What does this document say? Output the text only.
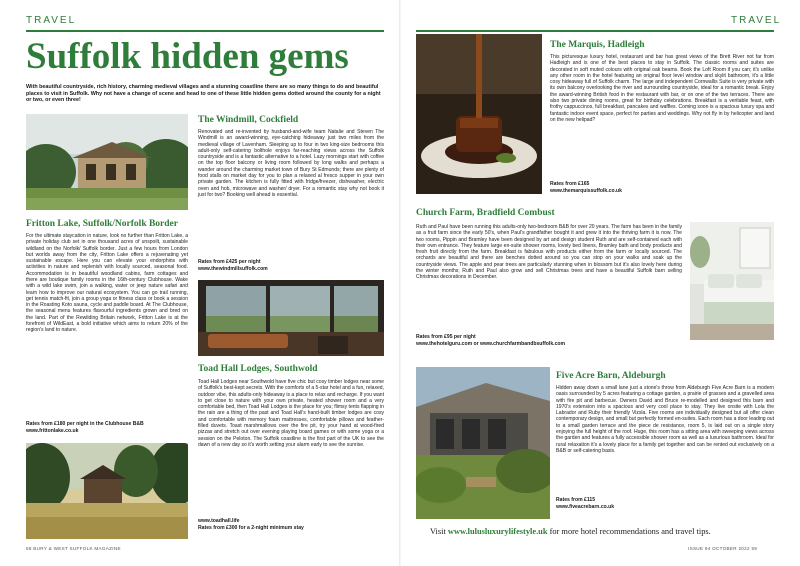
TRAVEL
Suffolk hidden gems
With beautiful countryside, rich history, charming medieval villages and a stunning coastline there are so many things to do and beautiful places to visit in Suffolk. Why not have a change of scene and head to one of these little hidden gems dotted around the county for a night or two, or even three!
The Windmill, Cockfield
Renovated and re-invented by husband-and-wife team Natalie and Steven The Windmill is an award-winning, eye-catching hideaway just two miles from the medieval village of Lavenham. Sleeping up to four in two king-size bedrooms this adult-only self-catering bolthole enjoys far-reaching views across the Suffolk countryside and is a fantastic alternative to a hotel. Lazy mornings start with coffee on the top floor balcony or living room followed by long walks and perhaps a wander around the charming market town of Bury St Edmunds; there are plenty of food stalls on market day for you to plan a relaxed al fresco supper in your own private garden. The kitchen is fully fitted with fridge/freezer, dishwasher, electric oven and hob, microwave and washer/ dryer. For a romantic stay why not book it just for two? Booking well ahead is essential.
Rates from £425 per night
www.thewindmillsuffolk.com
Fritton Lake, Suffolk/Norfolk Border
For the ultimate staycation in nature, look no further than Fritton Lake, a private holiday club set in one thousand acres of unspoilt, sustainable wildland on the Norfolk/ Suffolk border. Just a few hours from London but worlds away from the city, Fritton Lake offers a rejuvenating yet sustainable escape. Here you can elevate your endorphins with activities in nature and replenish with locally sourced, seasonal food. Accommodation is in beautiful woodland cabins, farm cottages and there are boutique family rooms in the 16th-century Clubhouse. Wake with a wild lake swim, join a walking, water or jeep nature safari and learn how to improve our natural ecosystem. You can go trail running, get tennis match-fit, join a group yoga or fitness class or book a session in the Roasting Koto sauna, cycle and paddle board. At The Clubhouse, the seasonal menu features flavourful ingredients grown and bred on the land. Part of the Rewilding Britain network, Fritton Lake is at the forefront of WildEast, a bold initiative which aims to return 20% of the region's land to nature.
Rates from £180 per night in the Clubhouse B&B
www.frittonlake.co.uk
Toad Hall Lodges, Southwold
Toad Hall Lodges near Southwold have five chic but cosy timber lodges near some of Suffolk's best-kept secrets. With the comforts of a 5-star hotel and a fun, relaxed, outdoor vibe, this adults-only hideaway is a place to relax and recharge. If you want to get close to nature with your own private, heated shower room and a very comfortable bed, then Toad Hall Lodges is the place for you; flimsy tents flapping in the rain are a thing of the past and Toad Hall's hand-built timber lodges are cosy and comfortable with memory foam mattresses, comfortable pillows and feather-filled duvets. Toast marshmallows over the fire pit, try your hand at wood-fired pizzas and stretch out over evening playing board games or with some yoga or a session on the Peloton. The Suffolk coastline is the first part of the UK to see the dawn of a new day so it's worth setting your alarm early to see the sunrise.
www.toadhall.life
Rates from £300 for a 2-night minimum stay
58 BURY & WEST SUFFOLK MAGAZINE
TRAVEL
The Marquis, Hadleigh
This picturesque luxury hotel, restaurant and bar has great views of the Brett River not far from Hadleigh and is one of the best places to stay in Suffolk. The classic rooms and suites are decorated in soft muted colours with original oak beams. Book the Loft Room if you can; it's unlike any other room in the hotel featuring an original floor level window and skylit bathroom, it's a little cosy hideaway full of Suffolk charm. The large and independent Cornwallis Suite is very private with its own balcony overlooking the river and surrounding countryside, ideal for a romantic break. Enjoy the award-winning British food in the restaurant with bar, or on one of the two terraces. There are also two private dining rooms, great for birthday celebrations. Breakfast is a veritable feast, with frothy cappuccinos, full breakfast, pancakes and waffles. Coming soon is a spacious luxury spa and fantastic indoor event space, perfect for parties and weddings. Why not fly in by helicopter and land on the new helipad?
Rates from £165
www.themarquissuffolk.co.uk
Church Farm, Bradfield Combust
Ruth and Paul have been running this adults-only two-bedroom B&B for over 20 years. The farm has been in the family as a fruit farm since the early 50's, when Paul's grandfather bought it and grew it into the thriving farm it is now. The two rooms, Pippin and Bramley have been designed by art and design student Ruth and are self-contained each with their own entrance. They feature large en-suite shower rooms, lovely bed linens, Bramley bath and body products and fresh fruit directly from the farm. Breakfast is fabulous with products either from the farm or locally sourced. The orchards are beautiful and there are benches dotted around so you can stop on your walks and soak up the countryside views. The apple and pear trees are particularly stunning when in blossom but it's also lovely here during the winter months; Ruth and Paul also grow and sell Christmas trees and have a beautiful Suffolk barn selling Christmas decorations in December.
Rates from £95 per night
www.thehotelguru.com or www.churchfarmbandbsuffolk.com
Five Acre Barn, Aldeburgh
Hidden away down a small lane just a stone's throw from Aldeburgh Five Acre Barn is a modern oasis surrounded by 5 acres featuring a cottage garden, a prairie of grasses and a gravelled area with fire pit and barbecue. Owners David and Bruce re-modelled and designed this barn and 1970's extension into a spacious and very cool place to stay. They live onsite with Lola the Labrador and Ruby their friendly Vizsla. Five rooms are individually designed but all offer clean contemporary design, and small but perfectly formed en-suites. Each room has a door leading out to a small garden terrace and the piece de resistance, room 5, is laid out on a single story enjoying the full height of the roof. Huge, this room has a sitting area with sweeping views across the garden and features a fully accessible shower room as well as a luxurious bathroom. Ideal for rural relaxation it's a lovely place for a family get together and can be rented out exclusively on a B&B or self-catering basis.
Rates from £115
www.fiveacrebarn.co.uk
Visit www.lulusluxurylifestyle.uk for more hotel recommendations and travel tips.
ISSUE 94 OCTOBER 2022 59
